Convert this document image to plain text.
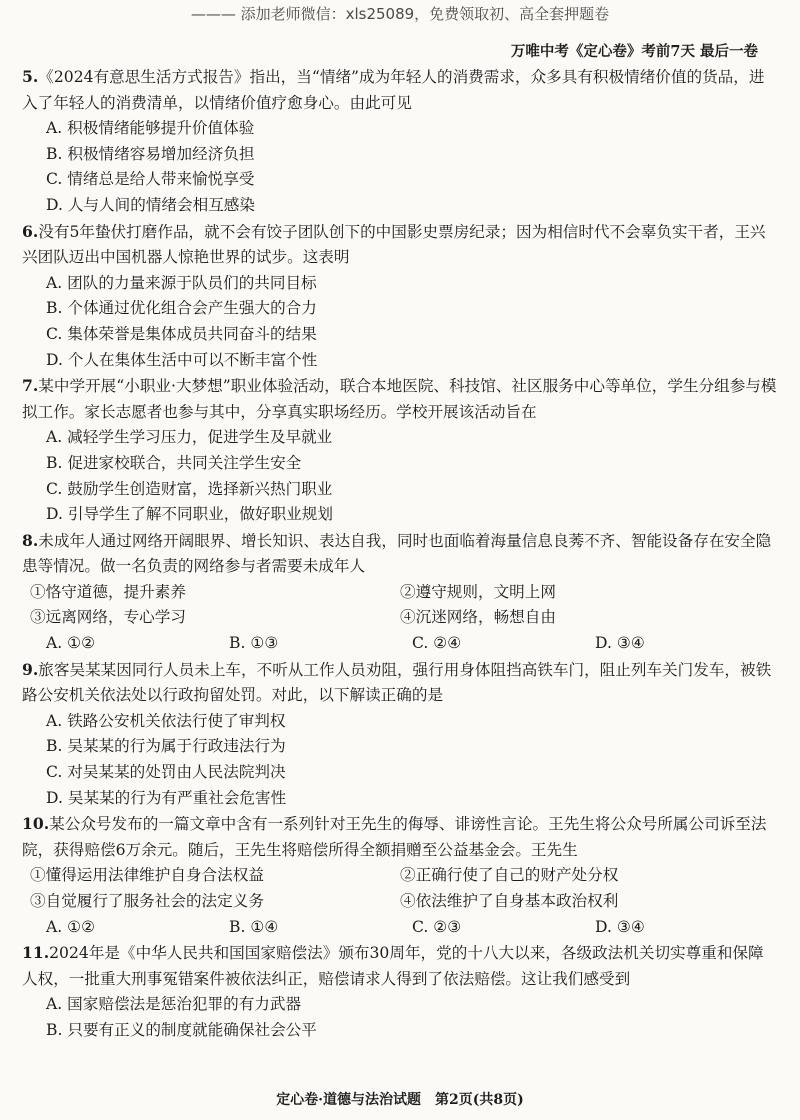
——— 添加老师微信：xls25089，免费领取初、高全套押题卷
万唯中考《定心卷》考前7天 最后一卷

5.《2024有意思生活方式报告》指出，当“情绪”成为年轻人的消费需求，众多具有积极情绪价值的货品，进入了年轻人的消费清单，以情绪价值疗愈身心。由此可见

A. 积极情绪能够提升价值体验

B. 积极情绪容易增加经济负担

C. 情绪总是给人带来愉悦享受

D. 人与人间的情绪会相互感染

6.没有5年蛰伏打磨作品，就不会有饺子团队创下的中国影史票房纪录；因为相信时代不会辜负实干者，王兴兴团队迈出中国机器人惊艳世界的试步。这表明

A. 团队的力量来源于队员们的共同目标

B. 个体通过优化组合会产生强大的合力

C. 集体荣誉是集体成员共同奋斗的结果

D. 个人在集体生活中可以不断丰富个性

7.某中学开展“小职业·大梦想”职业体验活动，联合本地医院、科技馆、社区服务中心等单位，学生分组参与模拟工作。家长志愿者也参与其中，分享真实职场经历。学校开展该活动旨在

A. 减轻学生学习压力，促进学生及早就业

B. 促进家校联合，共同关注学生安全

C. 鼓励学生创造财富，选择新兴热门职业

D. 引导学生了解不同职业，做好职业规划

8.未成年人通过网络开阔眼界、增长知识、表达自我，同时也面临着海量信息良莠不齐、智能设备存在安全隐患等情况。做一名负责的网络参与者需要未成年人

①恪守道德，提升素养	②遵守规则，文明上网
③远离网络，专心学习	④沉迷网络，畅想自由
A. ①②	B. ①③	C. ②④	D. ③④

9.旅客吴某某因同行人员未上车，不听从工作人员劝阻，强行用身体阻挡高铁车门，阻止列车关门发车，被铁路公安机关依法处以行政拘留处罚。对此，以下解读正确的是

A. 铁路公安机关依法行使了审判权

B. 吴某某的行为属于行政违法行为

C. 对吴某某的处罚由人民法院判决

D. 吴某某的行为有严重社会危害性

10.某公众号发布的一篇文章中含有一系列针对王先生的侮辱、诽谤性言论。王先生将公众号所属公司诉至法院，获得赔偿6万余元。随后，王先生将赔偿所得全额捐赠至公益基金会。王先生

①懂得运用法律维护自身合法权益	②正确行使了自己的财产处分权
③自觉履行了服务社会的法定义务	④依法维护了自身基本政治权利
A. ①②	B. ①④	C. ②③	D. ③④

11.2024年是《中华人民共和国国家赔偿法》颁布30周年，党的十八大以来，各级政法机关切实尊重和保障人权，一批重大刑事冤错案件被依法纠正，赔偿请求人得到了依法赔偿。这让我们感受到

A. 国家赔偿法是惩治犯罪的有力武器

B. 只要有正义的制度就能确保社会公平

定心卷·道德与法治试题　第2页(共8页)
